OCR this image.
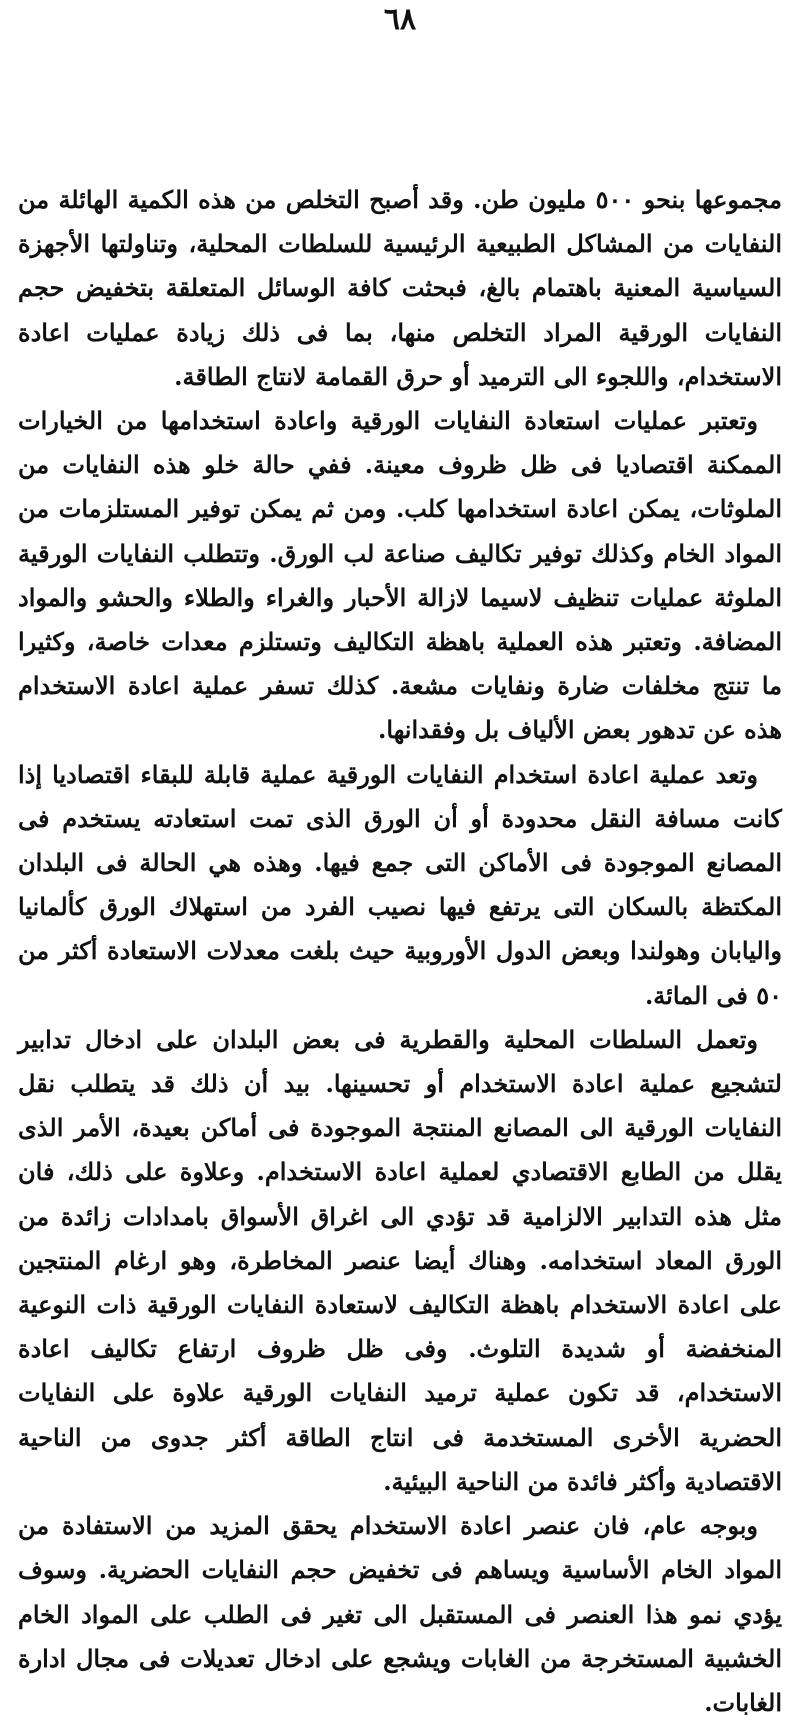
٦٨

مجموعها بنحو ٥٠٠ مليون طن. وقد أصبح التخلص من هذه الكمية الهائلة من النفايات من المشاكل الطبيعية الرئيسية للسلطات المحلية، وتناولتها الأجهزة السياسية المعنية باهتمام بالغ، فبحثت كافة الوسائل المتعلقة بتخفيض حجم النفايات الورقية المراد التخلص منها، بما فى ذلك زيادة عمليات اعادة الاستخدام، واللجوء الى الترميد أو حرق القمامة لانتاج الطاقة.

وتعتبر عمليات استعادة النفايات الورقية واعادة استخدامها من الخيارات الممكنة اقتصاديا فى ظل ظروف معينة. ففي حالة خلو هذه النفايات من الملوثات، يمكن اعادة استخدامها كلب. ومن ثم يمكن توفير المستلزمات من المواد الخام وكذلك توفير تكاليف صناعة لب الورق. وتتطلب النفايات الورقية الملوثة عمليات تنظيف لاسيما لازالة الأحبار والغراء والطلاء والحشو والمواد المضافة. وتعتبر هذه العملية باهظة التكاليف وتستلزم معدات خاصة، وكثيرا ما تنتج مخلفات ضارة ونفايات مشعة. كذلك تسفر عملية اعادة الاستخدام هذه عن تدهور بعض الألياف بل وفقدانها.

وتعد عملية اعادة استخدام النفايات الورقية عملية قابلة للبقاء اقتصاديا إذا كانت مسافة النقل محدودة أو أن الورق الذى تمت استعادته يستخدم فى المصانع الموجودة فى الأماكن التى جمع فيها. وهذه هي الحالة فى البلدان المكتظة بالسكان التى يرتفع فيها نصيب الفرد من استهلاك الورق كألمانيا واليابان وهولندا وبعض الدول الأوروبية حيث بلغت معدلات الاستعادة أكثر من ٥٠ فى المائة.

وتعمل السلطات المحلية والقطرية فى بعض البلدان على ادخال تدابير لتشجيع عملية اعادة الاستخدام أو تحسينها. بيد أن ذلك قد يتطلب نقل النفايات الورقية الى المصانع المنتجة الموجودة فى أماكن بعيدة، الأمر الذى يقلل من الطابع الاقتصادي لعملية اعادة الاستخدام. وعلاوة على ذلك، فان مثل هذه التدابير الالزامية قد تؤدي الى اغراق الأسواق بامدادات زائدة من الورق المعاد استخدامه. وهناك أيضا عنصر المخاطرة، وهو ارغام المنتجين على اعادة الاستخدام باهظة التكاليف لاستعادة النفايات الورقية ذات النوعية المنخفضة أو شديدة التلوث. وفى ظل ظروف ارتفاع تكاليف اعادة الاستخدام، قد تكون عملية ترميد النفايات الورقية علاوة على النفايات الحضرية الأخرى المستخدمة فى انتاج الطاقة أكثر جدوى من الناحية الاقتصادية وأكثر فائدة من الناحية البيئية.

وبوجه عام، فان عنصر اعادة الاستخدام يحقق المزيد من الاستفادة من المواد الخام الأساسية ويساهم فى تخفيض حجم النفايات الحضرية. وسوف يؤدي نمو هذا العنصر فى المستقبل الى تغير فى الطلب على المواد الخام الخشبية المستخرجة من الغابات ويشجع على ادخال تعديلات فى مجال ادارة الغابات.
